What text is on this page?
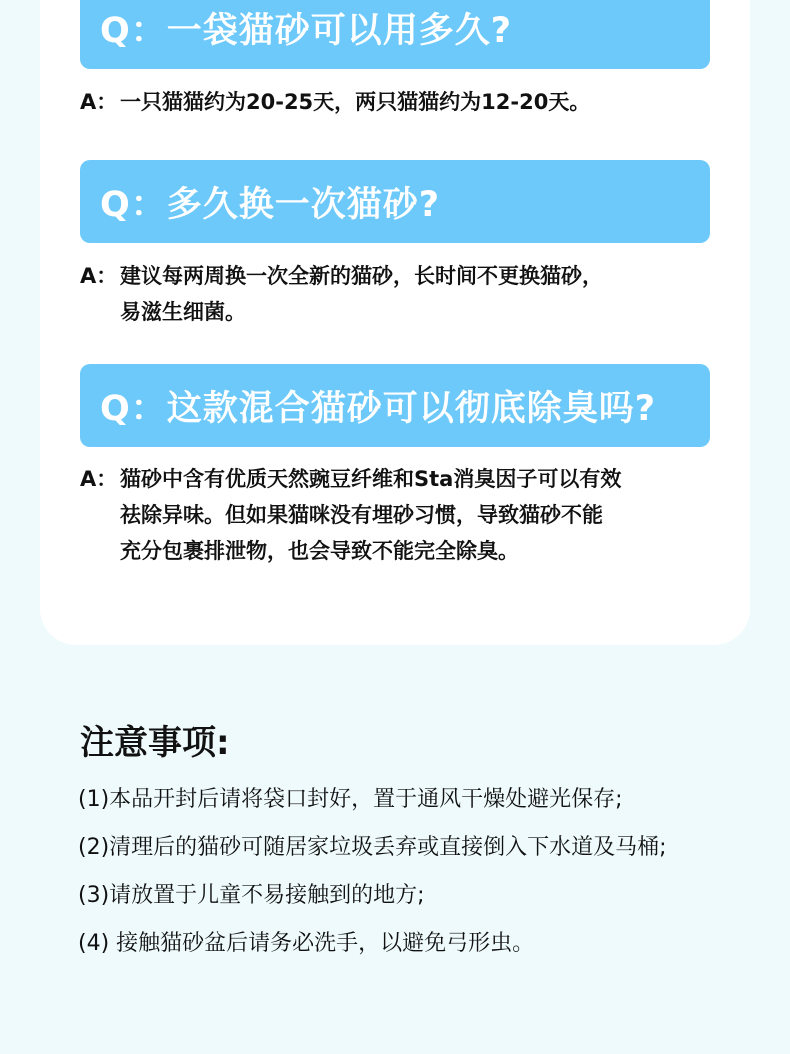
Q：一袋猫砂可以用多久?
A： 一只猫猫约为20-25天，两只猫猫约为12-20天。
Q：多久换一次猫砂?
A： 建议每两周换一次全新的猫砂，长时间不更换猫砂，
易滋生细菌。
Q：这款混合猫砂可以彻底除臭吗?
A： 猫砂中含有优质天然豌豆纤维和Sta消臭因子可以有效
祛除异味。但如果猫咪没有埋砂习惯，导致猫砂不能
充分包裹排泄物，也会导致不能完全除臭。
注意事项:
(1)本品开封后请将袋口封好，置于通风干燥处避光保存;
(2)清理后的猫砂可随居家垃圾丢弃或直接倒入下水道及马桶;
(3)请放置于儿童不易接触到的地方;
(4) 接触猫砂盆后请务必洗手，以避免弓形虫。
